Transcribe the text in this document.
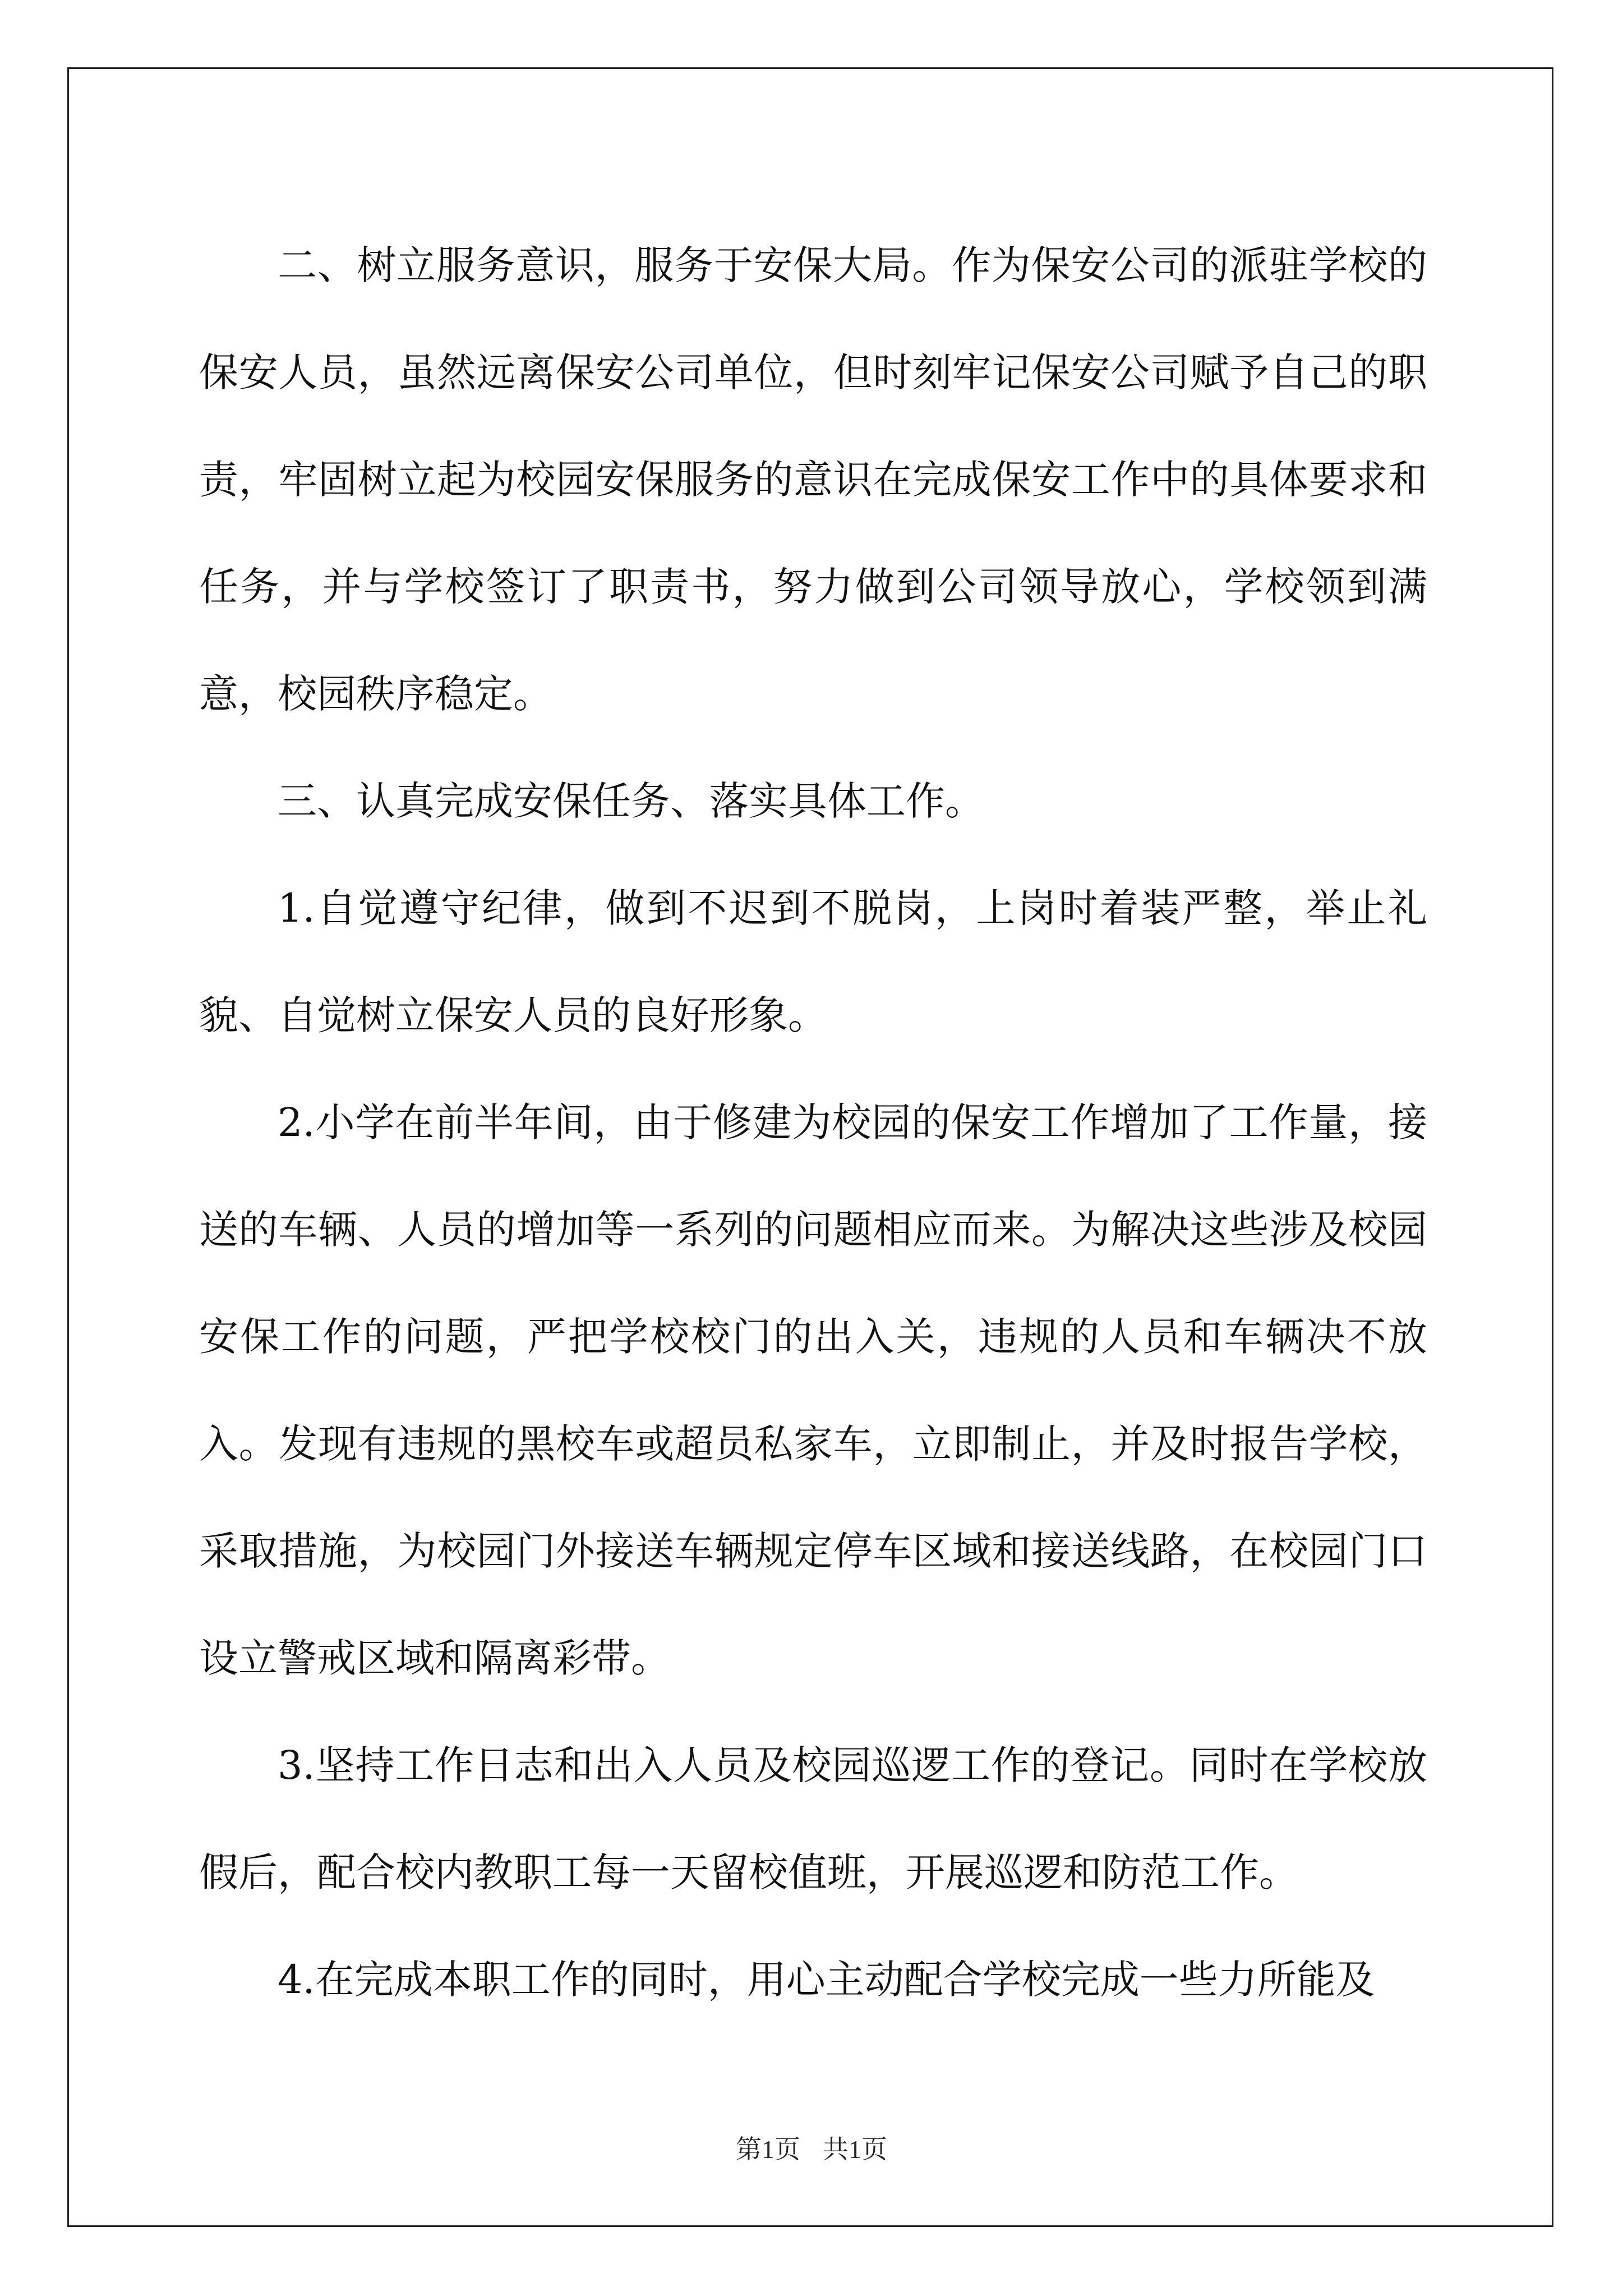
二、树立服务意识，服务于安保大局。作为保安公司的派驻学校的保安人员，虽然远离保安公司单位，但时刻牢记保安公司赋予自己的职责，牢固树立起为校园安保服务的意识在完成保安工作中的具体要求和任务，并与学校签订了职责书，努力做到公司领导放心，学校领到满意，校园秩序稳定。

三、认真完成安保任务、落实具体工作。

1.自觉遵守纪律，做到不迟到不脱岗，上岗时着装严整，举止礼貌、自觉树立保安人员的良好形象。

2.小学在前半年间，由于修建为校园的保安工作增加了工作量，接送的车辆、人员的增加等一系列的问题相应而来。为解决这些涉及校园安保工作的问题，严把学校校门的出入关，违规的人员和车辆决不放入。发现有违规的黑校车或超员私家车，立即制止，并及时报告学校，采取措施，为校园门外接送车辆规定停车区域和接送线路，在校园门口设立警戒区域和隔离彩带。

3.坚持工作日志和出入人员及校园巡逻工作的登记。同时在学校放假后，配合校内教职工每一天留校值班，开展巡逻和防范工作。

4.在完成本职工作的同时，用心主动配合学校完成一些力所能及

第1页 共1页
